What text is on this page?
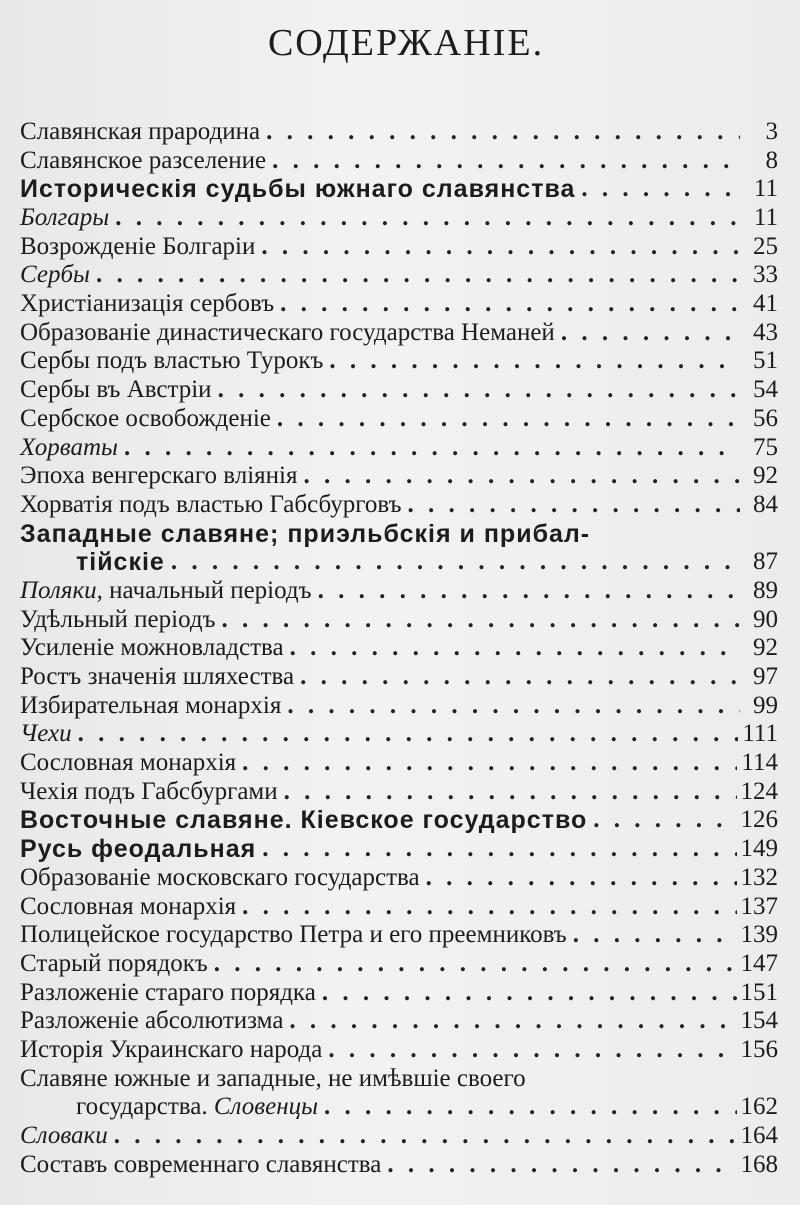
СОДЕРЖАНIЕ.
Славянская прародина . . .	3
Славянское разселение . . .	8
Историческія судьбы южнаго славянства . . .	11
Болгары . . .	11
Возрожденіе Болгаріи . . .	25
Сербы . . .	33
Христіанизація сербовъ . . .	41
Образованіе династическаго государства Неманей . . .	43
Сербы подъ властью Турокъ . . .	51
Сербы въ Австріи . . .	54
Сербское освобожденіе . . .	56
Хорваты . . .	75
Эпоха венгерскаго вліянія . . .	92
Хорватія подъ властью Габсбурговъ . . .	84
Западные славяне; приэльбскія и прибал-
тійскіе . . .	87
Поляки, начальный періодъ . . .	89
Удѣльный періодъ . . .	90
Усиленіе можновладства . . .	92
Ростъ значенія шляхества . . .	97
Избирательная монархія . . .	99
Чехи . . .	111
Сословная монархія . . .	114
Чехія подъ Габсбургами . . .	124
Восточные славяне. Кіевское государство . . .	126
Русь феодальная . . .	149
Образованіе московскаго государства . . .	132
Сословная монархія . . .	137
Полицейское государство Петра и его преемниковъ . . .	139
Старый порядокъ . . .	147
Разложеніе стараго порядка . . .	151
Разложеніе абсолютизма . . .	154
Исторія Украинскаго народа . . .	156
Славяне южные и западные, не имѣвшіе своего
государства. Словенцы . . .	162
Словаки . . .	164
Составъ современнаго славянства . . .	168
